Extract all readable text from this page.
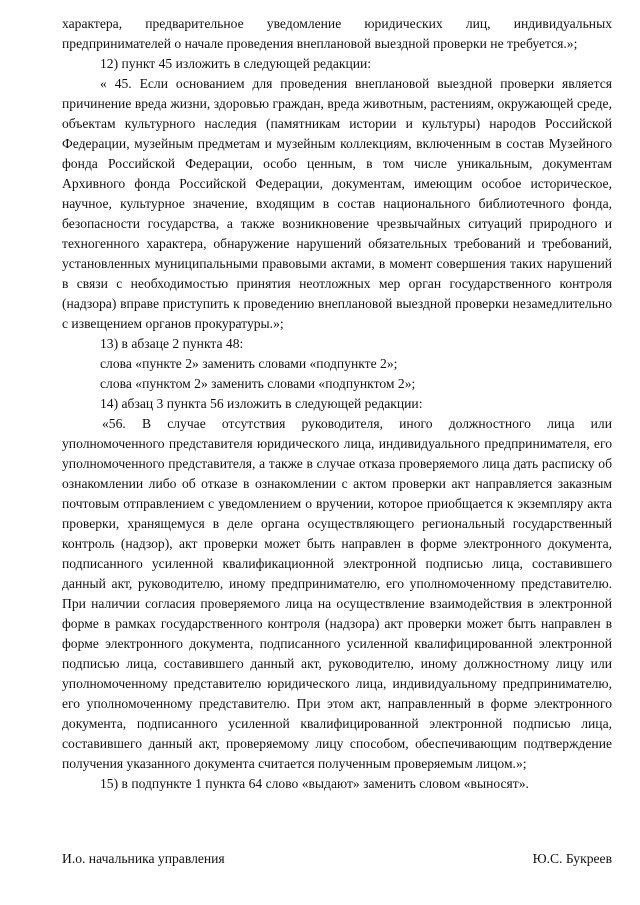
характера, предварительное уведомление юридических лиц, индивидуальных предпринимателей о начале проведения внеплановой выездной проверки не требуется.»;

12) пункт 45 изложить в следующей редакции:

« 45. Если основанием для проведения внеплановой выездной проверки является причинение вреда жизни, здоровью граждан, вреда животным, растениям, окружающей среде, объектам культурного наследия (памятникам истории и культуры) народов Российской Федерации, музейным предметам и музейным коллекциям, включенным в состав Музейного фонда Российской Федерации, особо ценным, в том числе уникальным, документам Архивного фонда Российской Федерации, документам, имеющим особое историческое, научное, культурное значение, входящим в состав национального библиотечного фонда, безопасности государства, а также возникновение чрезвычайных ситуаций природного и техногенного характера, обнаружение нарушений обязательных требований и требований, установленных муниципальными правовыми актами, в момент совершения таких нарушений в связи с необходимостью принятия неотложных мер орган государственного контроля (надзора) вправе приступить к проведению внеплановой выездной проверки незамедлительно с извещением органов прокуратуры.»;

13) в абзаце 2 пункта 48:

слова «пункте 2» заменить словами «подпункте 2»;

слова «пунктом 2» заменить словами «подпунктом 2»;

14) абзац 3 пункта 56 изложить в следующей редакции:

«56. В случае отсутствия руководителя, иного должностного лица или уполномоченного представителя юридического лица, индивидуального предпринимателя, его уполномоченного представителя, а также в случае отказа проверяемого лица дать расписку об ознакомлении либо об отказе в ознакомлении с актом проверки акт направляется заказным почтовым отправлением с уведомлением о вручении, которое приобщается к экземпляру акта проверки, хранящемуся в деле органа осуществляющего региональный государственный контроль (надзор), акт проверки может быть направлен в форме электронного документа, подписанного усиленной квалификационной электронной подписью лица, составившего данный акт, руководителю, иному предпринимателю, его уполномоченному представителю. При наличии согласия проверяемого лица на осуществление взаимодействия в электронной форме в рамках государственного контроля (надзора) акт проверки может быть направлен в форме электронного документа, подписанного усиленной квалифицированной электронной подписью лица, составившего данный акт, руководителю, иному должностному лицу или уполномоченному представителю юридического лица, индивидуальному предпринимателю, его уполномоченному представителю. При этом акт, направленный в форме электронного документа, подписанного усиленной квалифицированной электронной подписью лица, составившего данный акт, проверяемому лицу способом, обеспечивающим подтверждение получения указанного документа считается полученным проверяемым лицом.»;

15) в подпункте 1 пункта 64 слово «выдают» заменить словом «выносят».

И.о. начальника управления	Ю.С. Букреев
